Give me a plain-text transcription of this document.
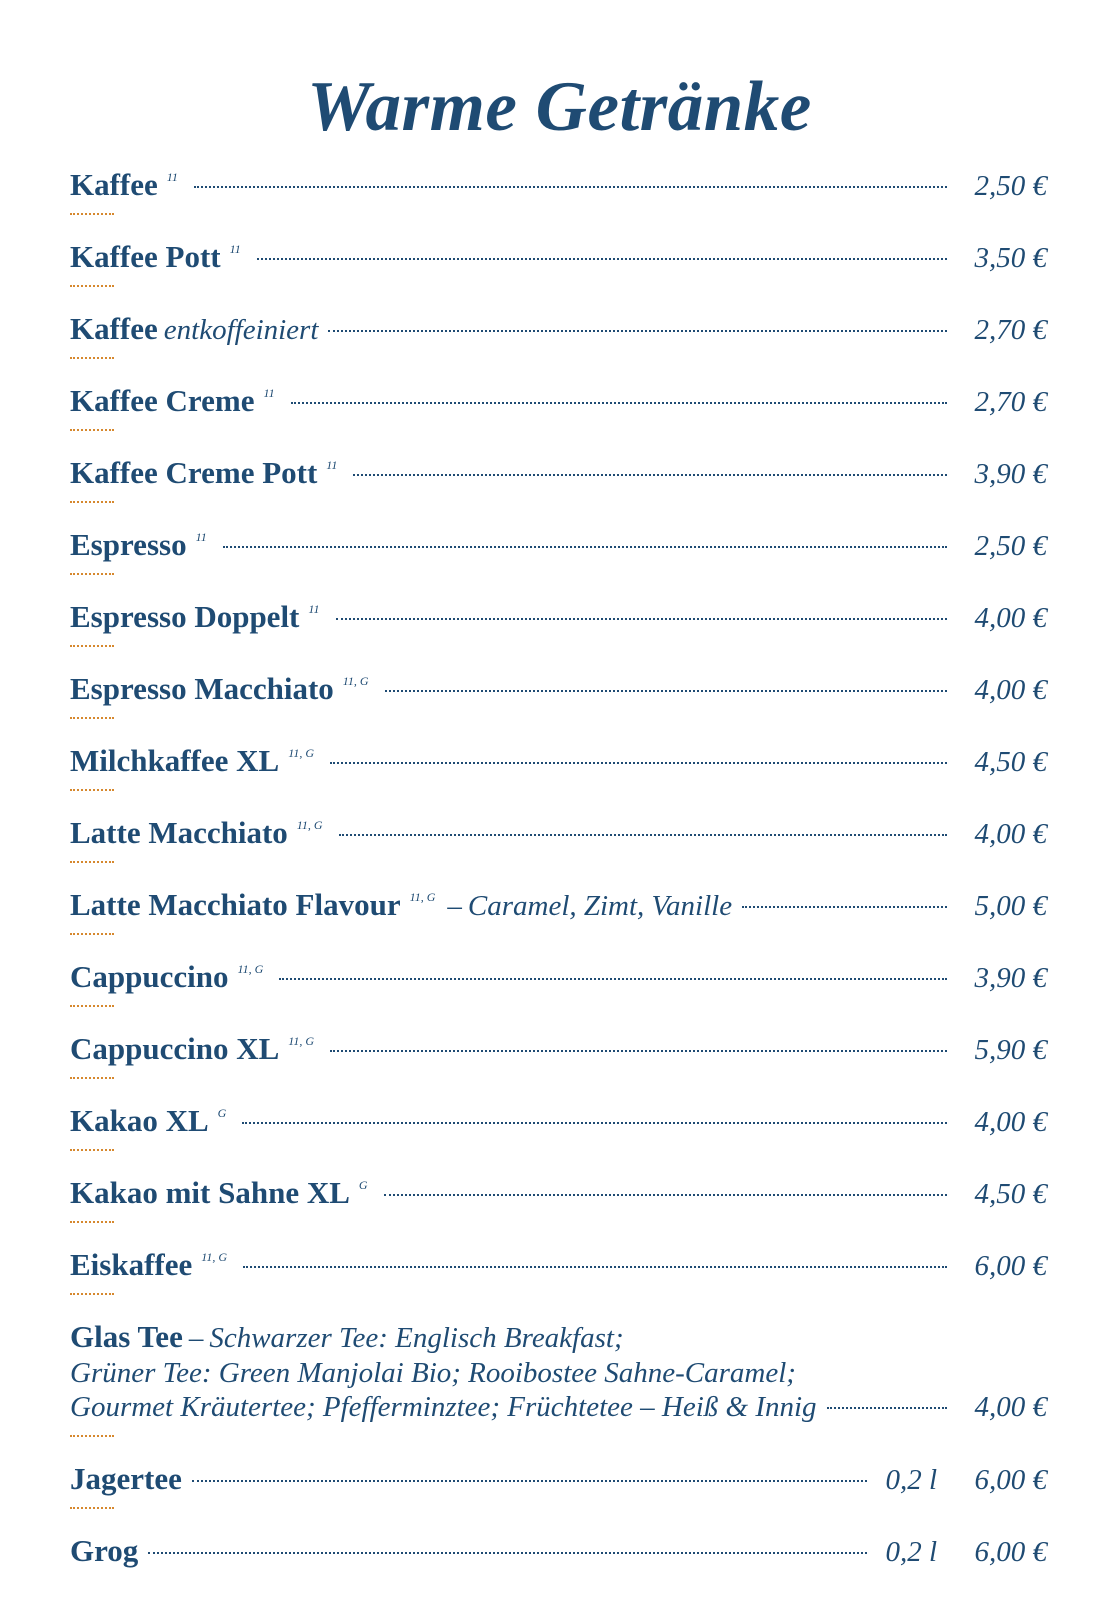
Warme Getränke
Kaffee 11	2,50 €
Kaffee Pott 11	3,50 €
Kaffee entkoffeiniert	2,70 €
Kaffee Creme 11	2,70 €
Kaffee Creme Pott 11	3,90 €
Espresso 11	2,50 €
Espresso Doppelt 11	4,00 €
Espresso Macchiato 11, G	4,00 €
Milchkaffee XL 11, G	4,50 €
Latte Macchiato 11, G	4,00 €
Latte Macchiato Flavour 11, G – Caramel, Zimt, Vanille	5,00 €
Cappuccino 11, G	3,90 €
Cappuccino XL 11, G	5,90 €
Kakao XL G	4,00 €
Kakao mit Sahne XL G	4,50 €
Eiskaffee 11, G	6,00 €
Glas Tee – Schwarzer Tee: Englisch Breakfast;
Grüner Tee: Green Manjolai Bio; Rooibostee Sahne-Caramel;
Gourmet Kräutertee; Pfefferminztee; Früchtetee – Heiß & Innig	4,00 €
Jagertee	0,2 l	6,00 €
Grog	0,2 l	6,00 €
